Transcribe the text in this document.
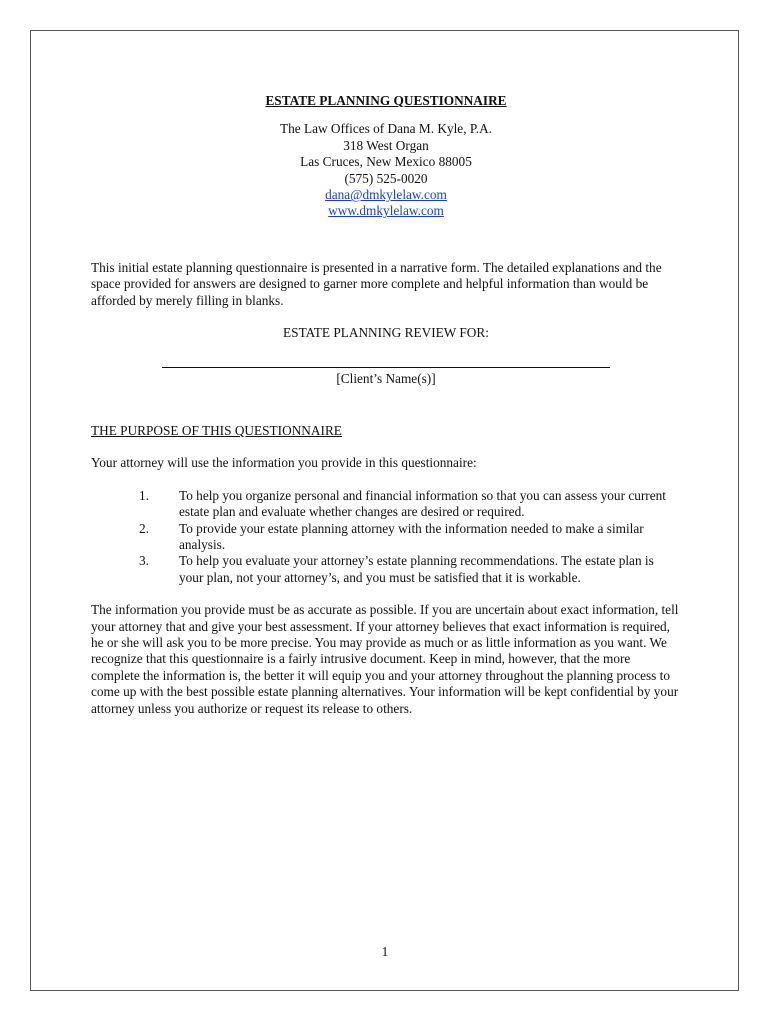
ESTATE PLANNING QUESTIONNAIRE
The Law Offices of Dana M. Kyle, P.A.
318 West Organ
Las Cruces, New Mexico 88005
(575) 525-0020
dana@dmkylelaw.com
www.dmkylelaw.com
This initial estate planning questionnaire is presented in a narrative form. The detailed explanations and the space provided for answers are designed to garner more complete and helpful information than would be afforded by merely filling in blanks.
ESTATE PLANNING REVIEW FOR:
[Client’s Name(s)]
THE PURPOSE OF THIS QUESTIONNAIRE
Your attorney will use the information you provide in this questionnaire:
1. To help you organize personal and financial information so that you can assess your current estate plan and evaluate whether changes are desired or required.
2. To provide your estate planning attorney with the information needed to make a similar analysis.
3. To help you evaluate your attorney’s estate planning recommendations. The estate plan is your plan, not your attorney’s, and you must be satisfied that it is workable.
The information you provide must be as accurate as possible. If you are uncertain about exact information, tell your attorney that and give your best assessment. If your attorney believes that exact information is required, he or she will ask you to be more precise. You may provide as much or as little information as you want. We recognize that this questionnaire is a fairly intrusive document. Keep in mind, however, that the more complete the information is, the better it will equip you and your attorney throughout the planning process to come up with the best possible estate planning alternatives. Your information will be kept confidential by your attorney unless you authorize or request its release to others.
1
